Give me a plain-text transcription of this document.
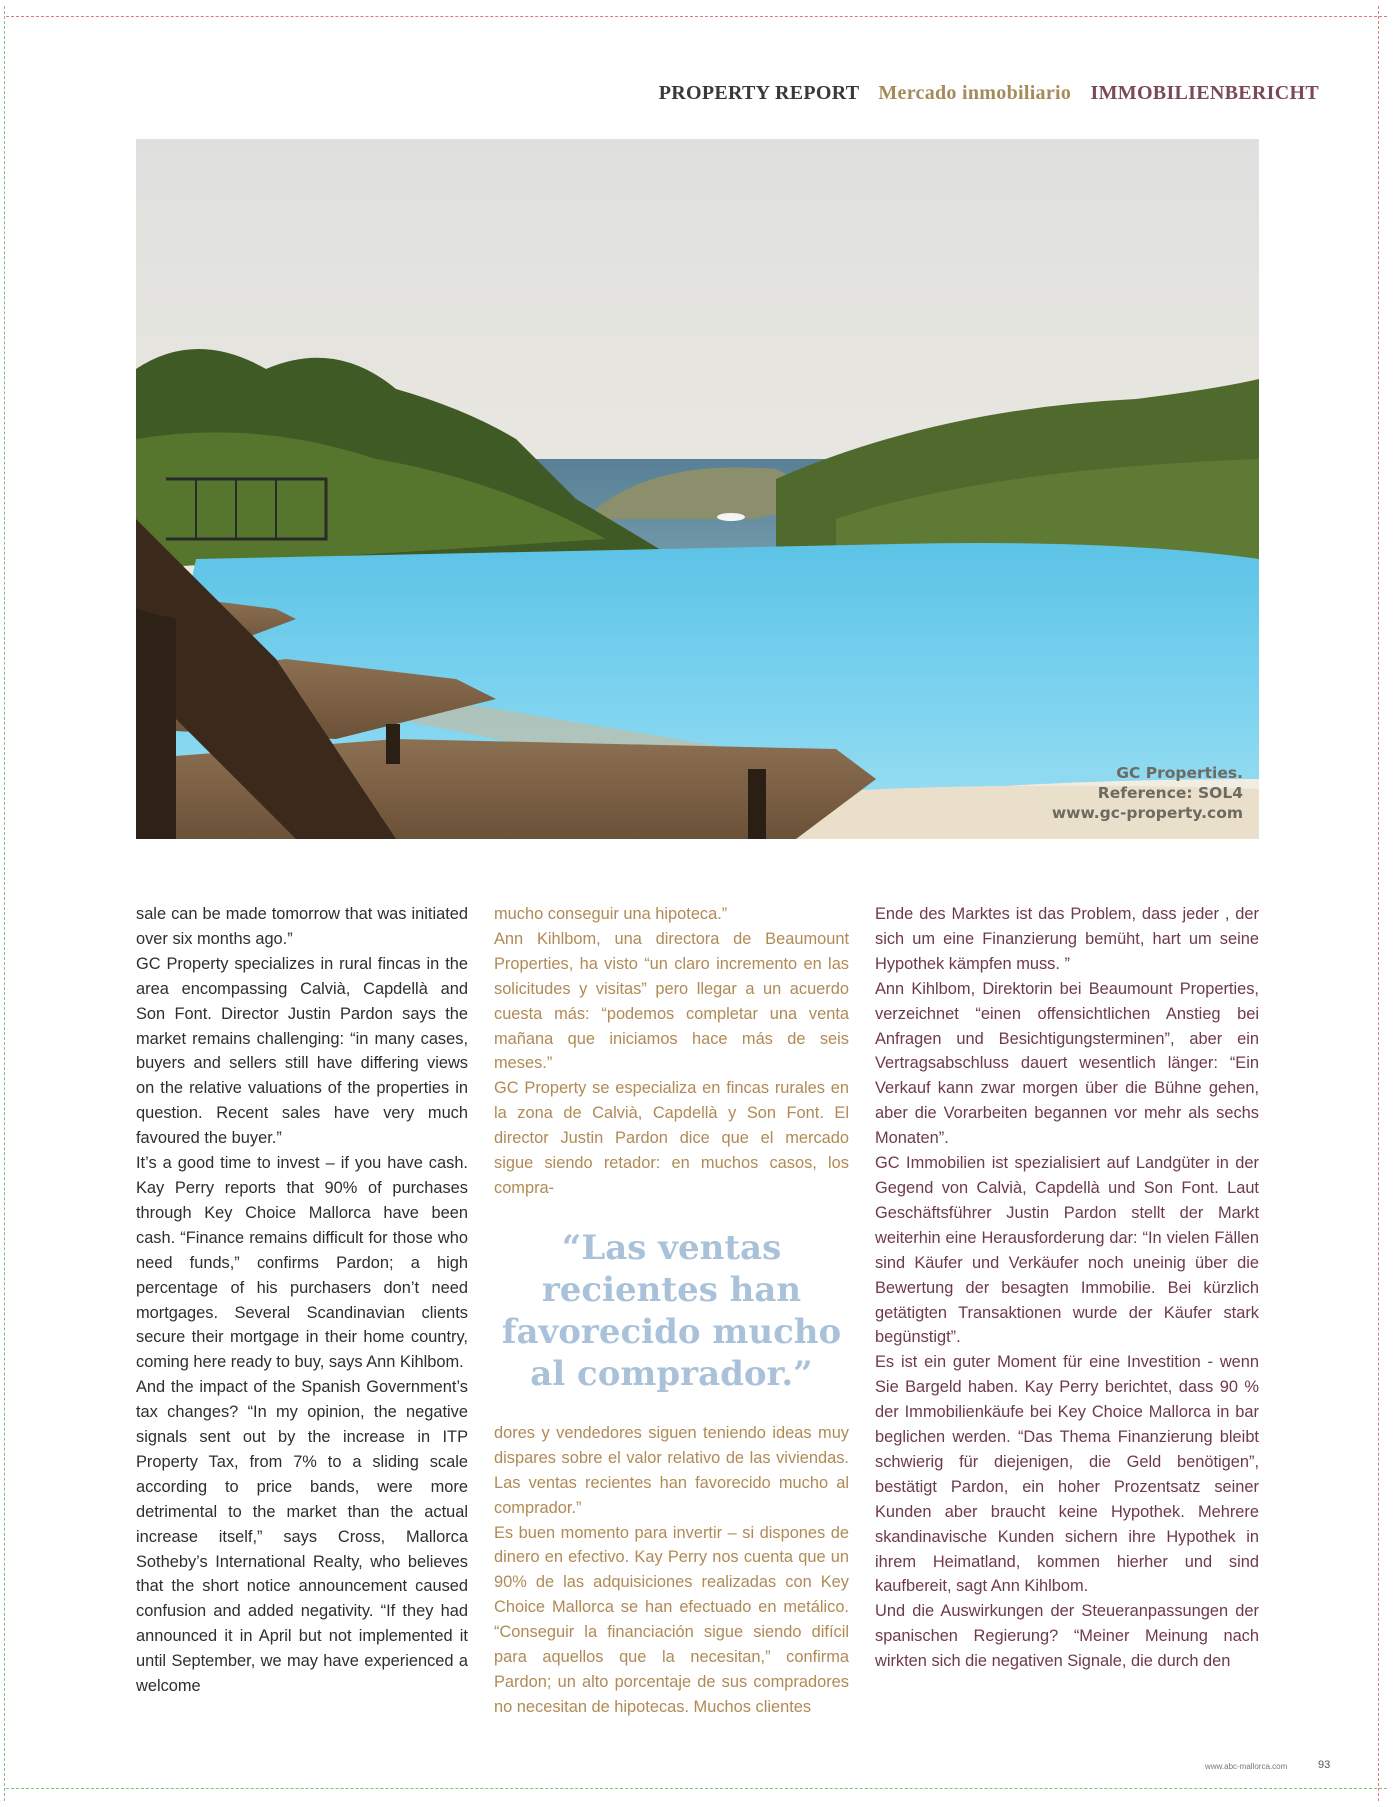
PROPERTY REPORT Mercado inmobiliario IMMOBILIENBERICHT
GC Properties.
Reference: SOL4
www.gc-property.com

sale can be made tomorrow that was initiated over six months ago.”

GC Property specializes in rural fincas in the area encompassing Calvià, Capdellà and Son Font. Director Justin Pardon says the market remains challenging: “in many cases, buyers and sellers still have differing views on the relative valuations of the properties in question. Recent sales have very much favoured the buyer.”

It’s a good time to invest – if you have cash. Kay Perry reports that 90% of purchases through Key Choice Mallorca have been cash. “Finance remains difficult for those who need funds,” confirms Pardon; a high percentage of his purchasers don’t need mortgages. Several Scandinavian clients secure their mortgage in their home country, coming here ready to buy, says Ann Kihlbom.

And the impact of the Spanish Government’s tax changes? “In my opinion, the negative signals sent out by the increase in ITP Property Tax, from 7% to a sliding scale according to price bands, were more detrimental to the market than the actual increase itself,” says Cross, Mallorca Sotheby’s International Realty, who believes that the short notice announcement caused confusion and added negativity. “If they had announced it in April but not implemented it until September, we may have experienced a welcome

mucho conseguir una hipoteca.”

Ann Kihlbom, una directora de Beaumount Properties, ha visto “un claro incremento en las solicitudes y visitas” pero llegar a un acuerdo cuesta más: “podemos completar una venta mañana que iniciamos hace más de seis meses.”

GC Property se especializa en fincas rurales en la zona de Calvià, Capdellà y Son Font. El director Justin Pardon dice que el mercado sigue siendo retador: en muchos casos, los compra-

“Las ventas recientes han favorecido mucho al comprador.”

dores y vendedores siguen teniendo ideas muy dispares sobre el valor relativo de las viviendas. Las ventas recientes han favorecido mucho al comprador.”

Es buen momento para invertir – si dispones de dinero en efectivo. Kay Perry nos cuenta que un 90% de las adquisiciones realizadas con Key Choice Mallorca se han efectuado en metálico. “Conseguir la financiación sigue siendo difícil para aquellos que la necesitan,” confirma Pardon; un alto porcentaje de sus compradores no necesitan de hipotecas. Muchos clientes

Ende des Marktes ist das Problem, dass jeder , der sich um eine Finanzierung bemüht, hart um seine Hypothek kämpfen muss. ”

Ann Kihlbom, Direktorin bei Beaumount Properties, verzeichnet “einen offensichtlichen Anstieg bei Anfragen und Besichtigungsterminen”, aber ein Vertragsabschluss dauert wesentlich länger: “Ein Verkauf kann zwar morgen über die Bühne gehen, aber die Vorarbeiten begannen vor mehr als sechs Monaten”.

GC Immobilien ist spezialisiert auf Landgüter in der Gegend von Calvià, Capdellà und Son Font. Laut Geschäftsführer Justin Pardon stellt der Markt weiterhin eine Herausforderung dar: “In vielen Fällen sind Käufer und Verkäufer noch uneinig über die Bewertung der besagten Immobilie. Bei kürzlich getätigten Transaktionen wurde der Käufer stark begünstigt”.

Es ist ein guter Moment für eine Investition - wenn Sie Bargeld haben. Kay Perry berichtet, dass 90 % der Immobilienkäufe bei Key Choice Mallorca in bar beglichen werden. “Das Thema Finanzierung bleibt schwierig für diejenigen, die Geld benötigen”, bestätigt Pardon, ein hoher Prozentsatz seiner Kunden aber braucht keine Hypothek. Mehrere skandinavische Kunden sichern ihre Hypothek in ihrem Heimatland, kommen hierher und sind kaufbereit, sagt Ann Kihlbom.

Und die Auswirkungen der Steueranpassungen der spanischen Regierung? “Meiner Meinung nach wirkten sich die negativen Signale, die durch den

www.abc-mallorca.com	93
